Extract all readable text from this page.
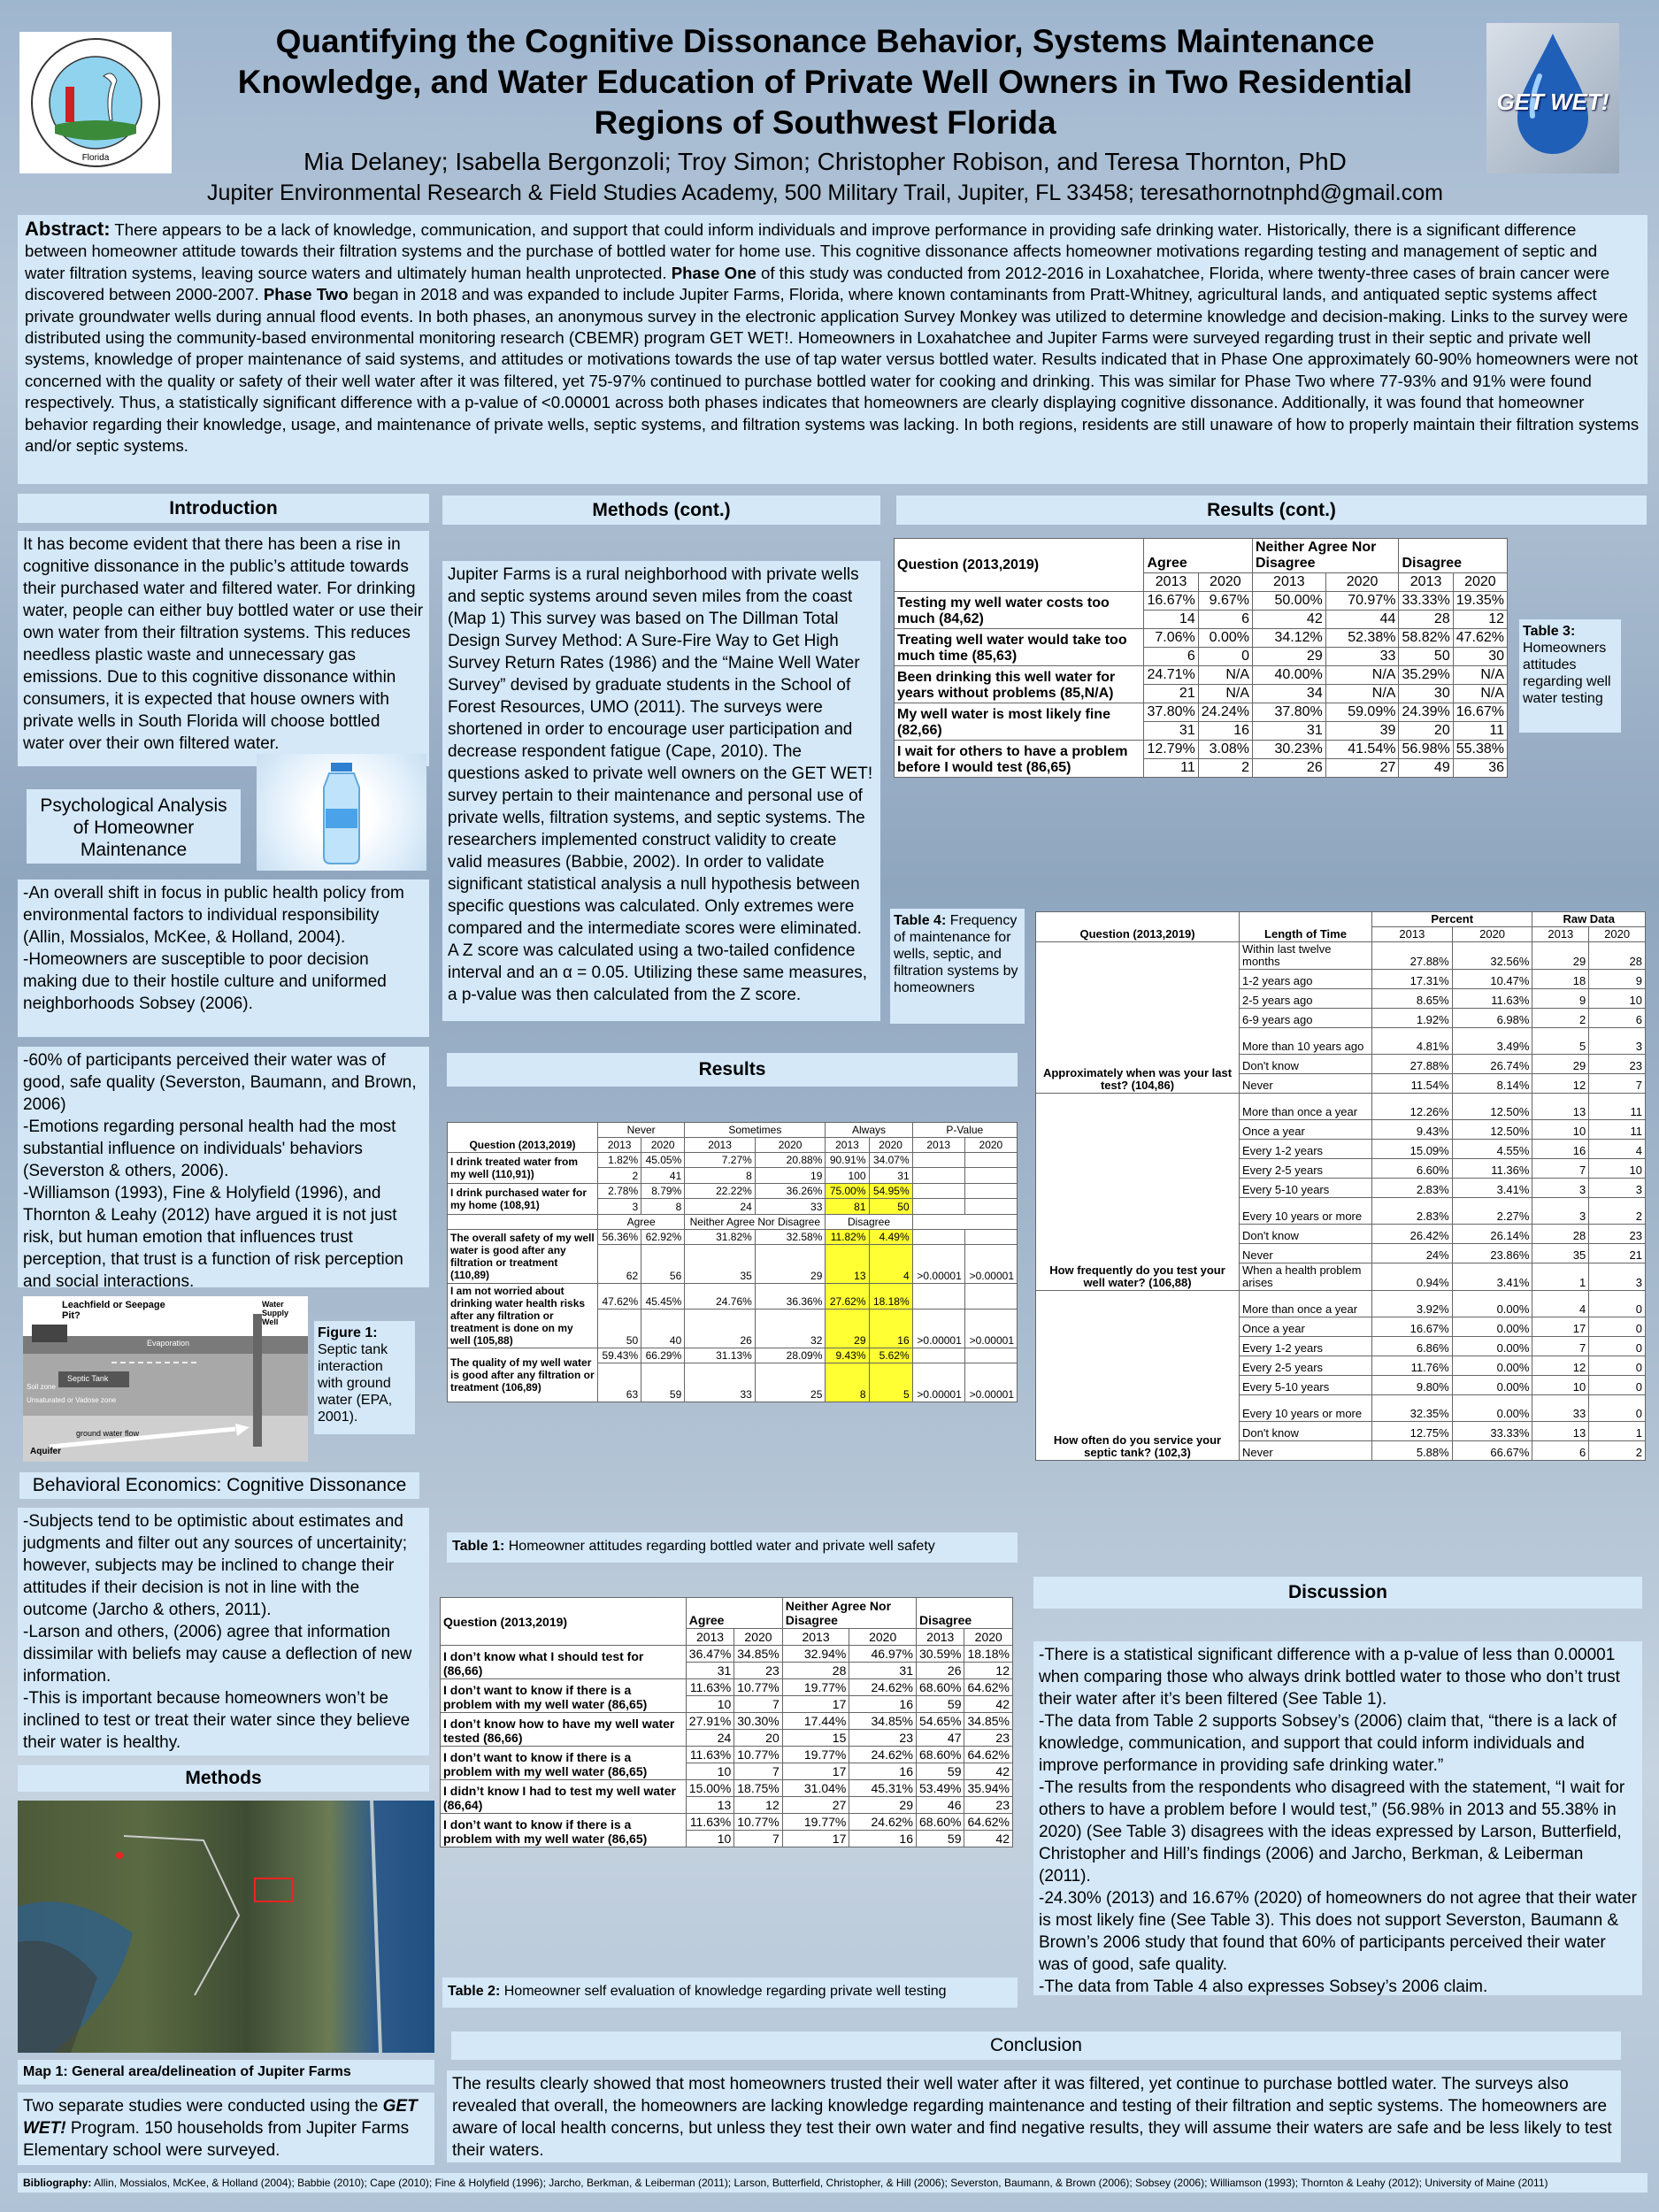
Florida
Quantifying the Cognitive Dissonance Behavior, Systems Maintenance Knowledge, and Water Education of Private Well Owners in Two Residential Regions of Southwest Florida
Mia Delaney; Isabella Bergonzoli; Troy Simon; Christopher Robison, and Teresa Thornton, PhD
Jupiter Environmental Research & Field Studies Academy, 500 Military Trail, Jupiter, FL 33458; teresathornotnphd@gmail.com
GET WET!
Abstract: There appears to be a lack of knowledge, communication, and support that could inform individuals and improve performance in providing safe drinking water. Historically, there is a significant difference between homeowner attitude towards their filtration systems and the purchase of bottled water for home use. This cognitive dissonance affects homeowner motivations regarding testing and management of septic and water filtration systems, leaving source waters and ultimately human health unprotected. Phase One of this study was conducted from 2012-2016 in Loxahatchee, Florida, where twenty-three cases of brain cancer were discovered between 2000-2007. Phase Two began in 2018 and was expanded to include Jupiter Farms, Florida, where known contaminants from Pratt-Whitney, agricultural lands, and antiquated septic systems affect private groundwater wells during annual flood events. In both phases, an anonymous survey in the electronic application Survey Monkey was utilized to determine knowledge and decision-making. Links to the survey were distributed using the community-based environmental monitoring research (CBEMR) program GET WET!. Homeowners in Loxahatchee and Jupiter Farms were surveyed regarding trust in their septic and private well systems, knowledge of proper maintenance of said systems, and attitudes or motivations towards the use of tap water versus bottled water. Results indicated that in Phase One approximately 60-90% homeowners were not concerned with the quality or safety of their well water after it was filtered, yet 75-97% continued to purchase bottled water for cooking and drinking. This was similar for Phase Two where 77-93% and 91% were found respectively. Thus, a statistically significant difference with a p-value of <0.00001 across both phases indicates that homeowners are clearly displaying cognitive dissonance. Additionally, it was found that homeowner behavior regarding their knowledge, usage, and maintenance of private wells, septic systems, and filtration systems was lacking. In both regions, residents are still unaware of how to properly maintain their filtration systems and/or septic systems.
Introduction
It has become evident that there has been a rise in cognitive dissonance in the public’s attitude towards their purchased water and filtered water. For drinking water, people can either buy bottled water or use their own water from their filtration systems. This reduces needless plastic waste and unnecessary gas emissions. Due to this cognitive dissonance within consumers, it is expected that house owners with private wells in South Florida will choose bottled water over their own filtered water.
Psychological Analysis of Homeowner Maintenance
-An overall shift in focus in public health policy from environmental factors to individual responsibility (Allin, Mossialos, McKee, & Holland, 2004).
-Homeowners are susceptible to poor decision making due to their hostile culture and uniformed neighborhoods Sobsey (2006).
-60% of participants perceived their water was of good, safe quality (Severston, Baumann, and Brown, 2006)
-Emotions regarding personal health had the most substantial influence on individuals' behaviors (Severston & others, 2006).
-Williamson (1993), Fine & Holyfield (1996), and Thornton & Leahy (2012) have argued it is not just risk, but human emotion that influences trust perception, that trust is a function of risk perception and social interactions.
Leachfield or Seepage Pit?
Water Supply Well
Evaporation
Septic Tank
Soil zone
Unsaturated or Vadose zone
ground water flow
Aquifer
Figure 1: Septic tank interaction with ground water (EPA, 2001).
Behavioral Economics: Cognitive Dissonance
-Subjects tend to be optimistic about estimates and judgments and filter out any sources of uncertainity; however, subjects may be inclined to change their attitudes if their decision is not in line with the outcome (Jarcho & others, 2011).
-Larson and others, (2006) agree that information dissimilar with beliefs may cause a deflection of new information.
-This is important because homeowners won’t be inclined to test or treat their water since they believe their water is healthy.
Methods
Map 1: General area/delineation of Jupiter Farms
Two separate studies were conducted using the GET WET! Program. 150 households from Jupiter Farms Elementary school were surveyed.
Methods (cont.)
Jupiter Farms is a rural neighborhood with private wells and septic systems around seven miles from the coast (Map 1) This survey was based on The Dillman Total Design Survey Method: A Sure-Fire Way to Get High Survey Return Rates (1986) and the “Maine Well Water Survey” devised by graduate students in the School of Forest Resources, UMO (2011). The surveys were shortened in order to encourage user participation and decrease respondent fatigue (Cape, 2010). The questions asked to private well owners on the GET WET! survey pertain to their maintenance and personal use of private wells, filtration systems, and septic systems. The researchers implemented construct validity to create valid measures (Babbie, 2002). In order to validate significant statistical analysis a null hypothesis between specific questions was calculated. Only extremes were compared and the intermediate scores were eliminated. A Z score was calculated using a two-tailed confidence interval and an α = 0.05. Utilizing these same measures, a p-value was then calculated from the Z score.
Results
Question (2013,2019)	Never		Sometimes		Always		P-Value	
	2013	2020	2013	2020	2013	2020	2013	2020
I drink treated water from my well (110,91))	1.82%	45.05%	7.27%	20.88%	90.91%	34.07%		
	2	41	8	19	100	31		
I drink purchased water for my home (108,91)	2.78%	8.79%	22.22%	36.26%	75.00%	54.95%		
	3	8	24	33	81	50		
	Agree		Neither Agree Nor Disagree		Disagree			
The overall safety of my well water is good after any filtration or treatment (110,89)	56.36%	62.92%	31.82%	32.58%	11.82%	4.49%		
	62	56	35	29	13	4	>0.00001	>0.00001
I am not worried about drinking water health risks after any filtration or treatment is done on my well (105,88)	47.62%	45.45%	24.76%	36.36%	27.62%	18.18%		
	50	40	26	32	29	16	>0.00001	>0.00001
The quality of my well water is good after any filtration or treatment (106,89)	59.43%	66.29%	31.13%	28.09%	9.43%	5.62%		
	63	59	33	25	8	5	>0.00001	>0.00001
Table 1: Homeowner attitudes regarding bottled water and private well safety
Question (2013,2019)	Agree		Neither Agree Nor Disagree		Disagree	
	2013	2020	2013	2020	2013	2020
I don’t know what I should test for (86,66)	36.47%	34.85%	32.94%	46.97%	30.59%	18.18%
	31	23	28	31	26	12
I don’t want to know if there is a problem with my well water (86,65)	11.63%	10.77%	19.77%	24.62%	68.60%	64.62%
	10	7	17	16	59	42
I don’t know how to have my well water tested (86,66)	27.91%	30.30%	17.44%	34.85%	54.65%	34.85%
	24	20	15	23	47	23
I don’t want to know if there is a problem with my well water (86,65)	11.63%	10.77%	19.77%	24.62%	68.60%	64.62%
	10	7	17	16	59	42
I didn’t know I had to test my well water (86,64)	15.00%	18.75%	31.04%	45.31%	53.49%	35.94%
	13	12	27	29	46	23
I don’t want to know if there is a problem with my well water (86,65)	11.63%	10.77%	19.77%	24.62%	68.60%	64.62%
	10	7	17	16	59	42
Table 2: Homeowner self evaluation of knowledge regarding private well testing
Results (cont.)
Question (2013,2019)	Agree		Neither Agree Nor Disagree		Disagree	
	2013	2020	2013	2020	2013	2020
Testing my well water costs too much (84,62)	16.67%	9.67%	50.00%	70.97%	33.33%	19.35%
	14	6	42	44	28	12
Treating well water would take too much time (85,63)	7.06%	0.00%	34.12%	52.38%	58.82%	47.62%
	6	0	29	33	50	30
Been drinking this well water for years without problems (85,N/A)	24.71%	N/A	40.00%	N/A	35.29%	N/A
	21	N/A	34	N/A	30	N/A
My well water is most likely fine (82,66)	37.80%	24.24%	37.80%	59.09%	24.39%	16.67%
	31	16	31	39	20	11
I wait for others to have a problem before I would test (86,65)	12.79%	3.08%	30.23%	41.54%	56.98%	55.38%
	11	2	26	27	49	36
Table 3: Homeowners attitudes regarding well water testing
Table 4: Frequency of maintenance for wells, septic, and filtration systems by homeowners
Question (2013,2019)	Length of Time	Percent		Raw Data	
		2013	2020	2013	2020
Approximately when was your last test? (104,86)	Within last twelve months	27.88%	32.56%	29	28
	1-2 years ago	17.31%	10.47%	18	9
	2-5 years ago	8.65%	11.63%	9	10
	6-9 years ago	1.92%	6.98%	2	6
	More than 10 years ago	4.81%	3.49%	5	3
	Don't know	27.88%	26.74%	29	23
	Never	11.54%	8.14%	12	7
How frequently do you test your well water? (106,88)	More than once a year	12.26%	12.50%	13	11
	Once a year	9.43%	12.50%	10	11
	Every 1-2 years	15.09%	4.55%	16	4
	Every 2-5 years	6.60%	11.36%	7	10
	Every 5-10 years	2.83%	3.41%	3	3
	Every 10 years or more	2.83%	2.27%	3	2
	Don't know	26.42%	26.14%	28	23
	Never	24%	23.86%	35	21
	When a health problem arises	0.94%	3.41%	1	3
How often do you service your septic tank? (102,3)	More than once a year	3.92%	0.00%	4	0
	Once a year	16.67%	0.00%	17	0
	Every 1-2 years	6.86%	0.00%	7	0
	Every 2-5 years	11.76%	0.00%	12	0
	Every 5-10 years	9.80%	0.00%	10	0
	Every 10 years or more	32.35%	0.00%	33	0
	Don't know	12.75%	33.33%	13	1
	Never	5.88%	66.67%	6	2
Discussion
-There is a statistical significant difference with a p-value of less than 0.00001 when comparing those who always drink bottled water to those who don’t trust their water after it’s been filtered (See Table 1).
-The data from Table 2 supports Sobsey’s (2006) claim that, “there is a lack of knowledge, communication, and support that could inform individuals and improve performance in providing safe drinking water.”
-The results from the respondents who disagreed with the statement, “I wait for others to have a problem before I would test,” (56.98% in 2013 and 55.38% in 2020) (See Table 3) disagrees with the ideas expressed by Larson, Butterfield, Christopher and Hill’s findings (2006) and Jarcho, Berkman, & Leiberman (2011).
-24.30% (2013) and 16.67% (2020) of homeowners do not agree that their water is most likely fine (See Table 3). This does not support Severston, Baumann & Brown’s 2006 study that found that 60% of participants perceived their water was of good, safe quality.
-The data from Table 4 also expresses Sobsey’s 2006 claim.
Conclusion
The results clearly showed that most homeowners trusted their well water after it was filtered, yet continue to purchase bottled water. The surveys also revealed that overall, the homeowners are lacking knowledge regarding maintenance and testing of their filtration and septic systems. The homeowners are aware of local health concerns, but unless they test their own water and find negative results, they will assume their waters are safe and be less likely to test their waters.
Bibliography: Allin, Mossialos, McKee, & Holland (2004); Babbie (2010); Cape (2010); Fine & Holyfield (1996); Jarcho, Berkman, & Leiberman (2011); Larson, Butterfield, Christopher, & Hill (2006); Severston, Baumann, & Brown (2006); Sobsey (2006); Williamson (1993); Thornton & Leahy (2012); University of Maine (2011)
